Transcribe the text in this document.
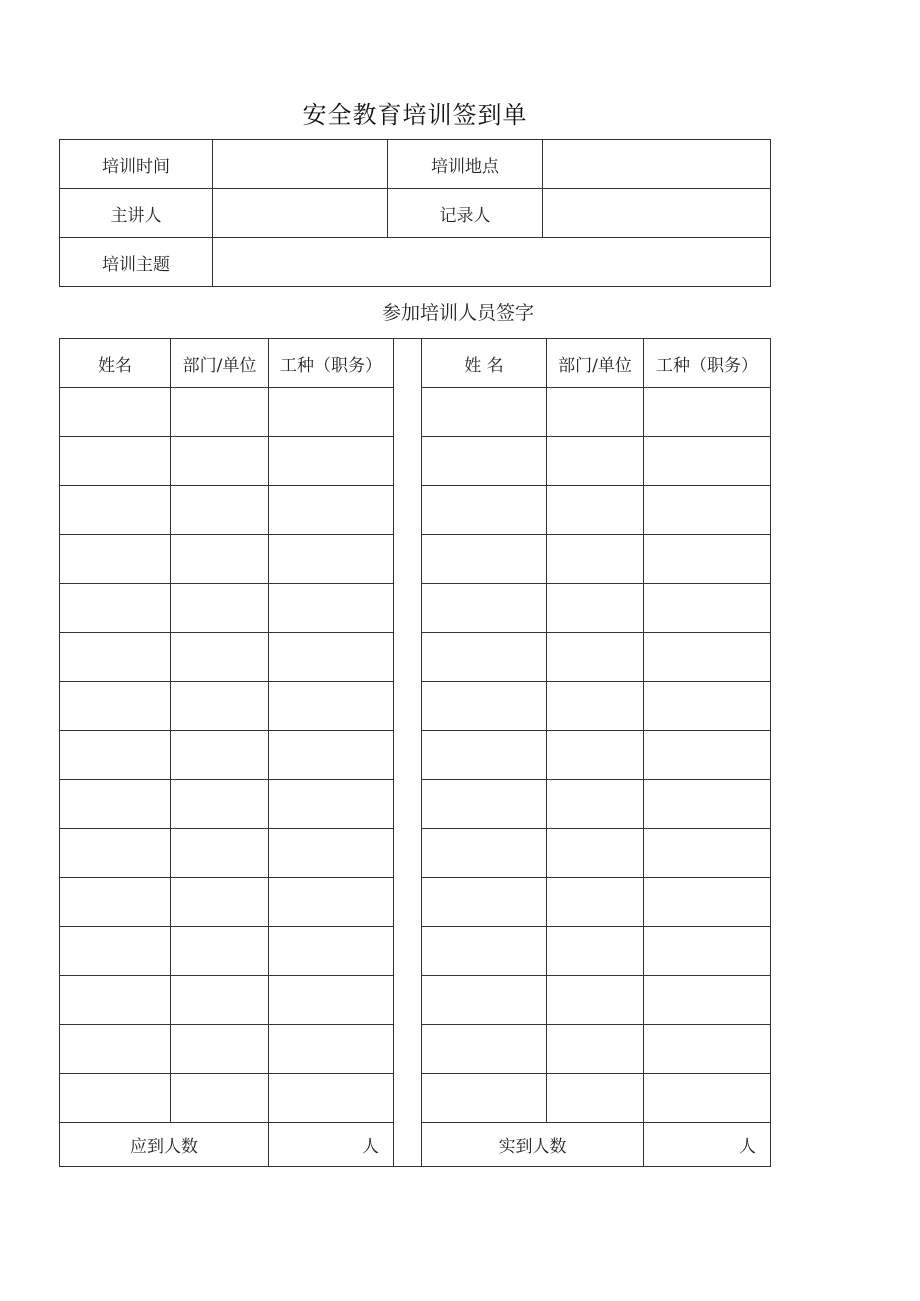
安全教育培训签到单
培训时间		培训地点	
主讲人		记录人	
培训主题			
参加培训人员签字
姓名	部门/单位	工种（职务）		姓 名	部门/单位	工种（职务）

应到人数		人		实到人数		人
